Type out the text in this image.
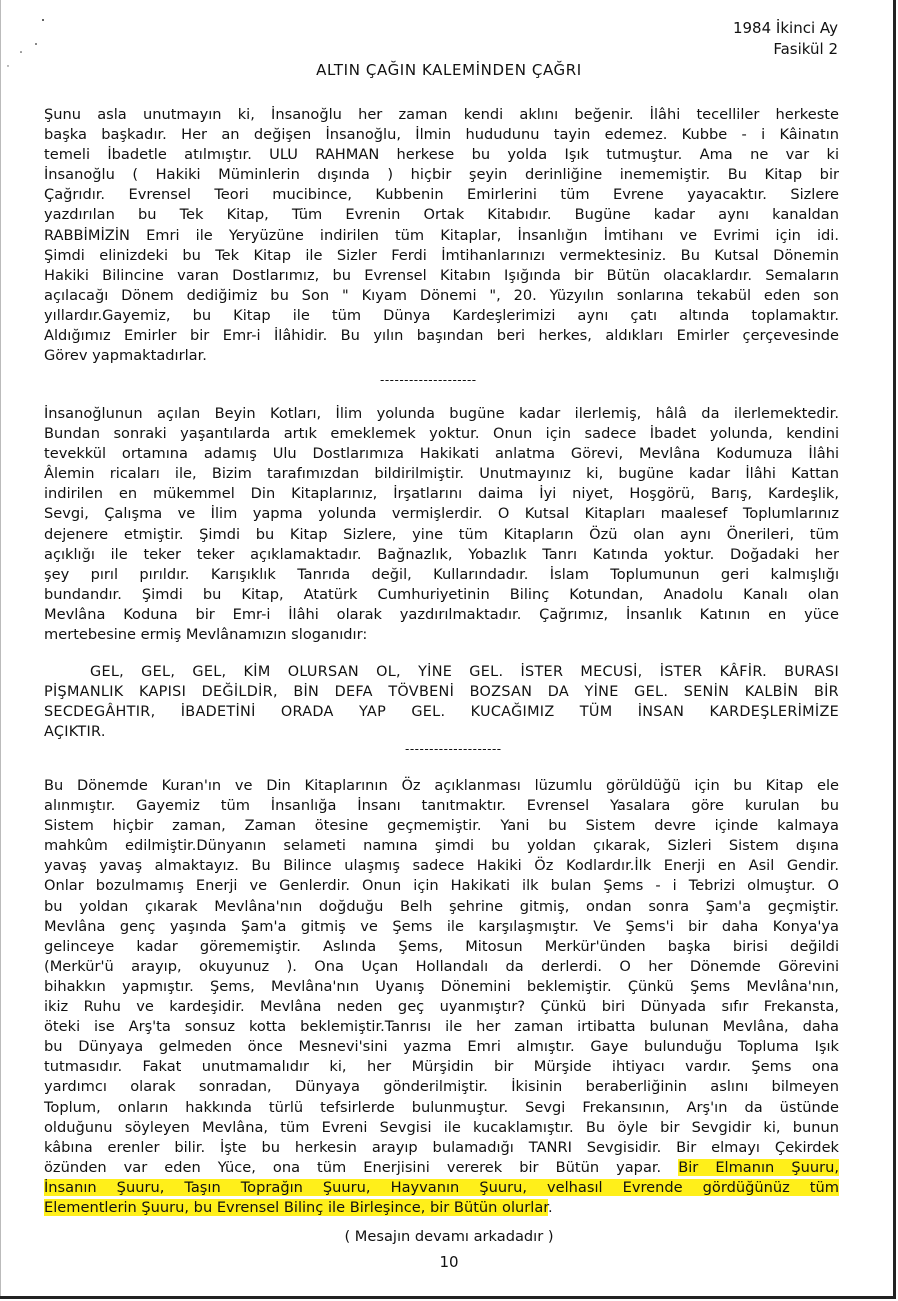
1984 İkinci Ay
Fasikül 2
ALTIN ÇAĞIN KALEMİNDEN ÇAĞRI
Şunu asla unutmayın ki, İnsanoğlu her zaman kendi aklını beğenir. İlâhi tecelliler herkeste
başka başkadır. Her an değişen İnsanoğlu, İlmin hududunu tayin edemez. Kubbe - i Kâinatın
temeli İbadetle atılmıştır. ULU RAHMAN herkese bu yolda Işık tutmuştur. Ama ne var ki
İnsanoğlu ( Hakiki Müminlerin dışında ) hiçbir şeyin derinliğine inememiştir. Bu Kitap bir
Çağrıdır. Evrensel Teori mucibince, Kubbenin Emirlerini tüm Evrene yayacaktır. Sizlere
yazdırılan bu Tek Kitap, Tüm Evrenin Ortak Kitabıdır. Bugüne kadar aynı kanaldan
RABBİMİZİN Emri ile Yeryüzüne indirilen tüm Kitaplar, İnsanlığın İmtihanı ve Evrimi için idi.
Şimdi elinizdeki bu Tek Kitap ile Sizler Ferdi İmtihanlarınızı vermektesiniz. Bu Kutsal Dönemin
Hakiki Bilincine varan Dostlarımız, bu Evrensel Kitabın Işığında bir Bütün olacaklardır. Semaların
açılacağı Dönem dediğimiz bu Son " Kıyam Dönemi ", 20. Yüzyılın sonlarına tekabül eden son
yıllardır.Gayemiz, bu Kitap ile tüm Dünya Kardeşlerimizi aynı çatı altında toplamaktır.
Aldığımız Emirler bir Emr-i İlâhidir. Bu yılın başından beri herkes, aldıkları Emirler çerçevesinde
Görev yapmaktadırlar.
--------------------
İnsanoğlunun açılan Beyin Kotları, İlim yolunda bugüne kadar ilerlemiş, hâlâ da ilerlemektedir.
Bundan sonraki yaşantılarda artık emeklemek yoktur. Onun için sadece İbadet yolunda, kendini
tevekkül ortamına adamış Ulu Dostlarımıza Hakikati anlatma Görevi, Mevlâna Kodumuza İlâhi
Âlemin ricaları ile, Bizim tarafımızdan bildirilmiştir. Unutmayınız ki, bugüne kadar İlâhi Kattan
indirilen en mükemmel Din Kitaplarınız, İrşatlarını daima İyi niyet, Hoşgörü, Barış, Kardeşlik,
Sevgi, Çalışma ve İlim yapma yolunda vermişlerdir. O Kutsal Kitapları maalesef Toplumlarınız
dejenere etmiştir. Şimdi bu Kitap Sizlere, yine tüm Kitapların Özü olan aynı Önerileri, tüm
açıklığı ile teker teker açıklamaktadır. Bağnazlık, Yobazlık Tanrı Katında yoktur. Doğadaki her
şey pırıl pırıldır. Karışıklık Tanrıda değil, Kullarındadır. İslam Toplumunun geri kalmışlığı
bundandır. Şimdi bu Kitap, Atatürk Cumhuriyetinin Bilinç Kotundan, Anadolu Kanalı olan
Mevlâna Koduna bir Emr-i İlâhi olarak yazdırılmaktadır. Çağrımız, İnsanlık Katının en yüce
mertebesine ermiş Mevlânamızın sloganıdır:
GEL, GEL, GEL, KİM OLURSAN OL, YİNE GEL. İSTER MECUSİ, İSTER KÂFİR. BURASI
PİŞMANLIK KAPISI DEĞİLDİR, BİN DEFA TÖVBENİ BOZSAN DA YİNE GEL. SENİN KALBİN BİR
SECDEGÂHTIR, İBADETİNİ ORADA YAP GEL. KUCAĞIMIZ TÜM İNSAN KARDEŞLERİMİZE
AÇIKTIR.
--------------------
Bu Dönemde Kuran'ın ve Din Kitaplarının Öz açıklanması lüzumlu görüldüğü için bu Kitap ele
alınmıştır. Gayemiz tüm İnsanlığa İnsanı tanıtmaktır. Evrensel Yasalara göre kurulan bu
Sistem hiçbir zaman, Zaman ötesine geçmemiştir. Yani bu Sistem devre içinde kalmaya
mahkûm edilmiştir.Dünyanın selameti namına şimdi bu yoldan çıkarak, Sizleri Sistem dışına
yavaş yavaş almaktayız. Bu Bilince ulaşmış sadece Hakiki Öz Kodlardır.İlk Enerji en Asil Gendir.
Onlar bozulmamış Enerji ve Genlerdir. Onun için Hakikati ilk bulan Şems - i Tebrizi olmuştur. O
bu yoldan çıkarak Mevlâna'nın doğduğu Belh şehrine gitmiş, ondan sonra Şam'a geçmiştir.
Mevlâna genç yaşında Şam'a gitmiş ve Şems ile karşılaşmıştır. Ve Şems'i bir daha Konya'ya
gelinceye kadar görememiştir. Aslında Şems, Mitosun Merkür'ünden başka birisi değildi
(Merkür'ü arayıp, okuyunuz ). Ona Uçan Hollandalı da derlerdi. O her Dönemde Görevini
bihakkın yapmıştır. Şems, Mevlâna'nın Uyanış Dönemini beklemiştir. Çünkü Şems Mevlâna'nın,
ikiz Ruhu ve kardeşidir. Mevlâna neden geç uyanmıştır? Çünkü biri Dünyada sıfır Frekansta,
öteki ise Arş'ta sonsuz kotta beklemiştir.Tanrısı ile her zaman irtibatta bulunan Mevlâna, daha
bu Dünyaya gelmeden önce Mesnevi'sini yazma Emri almıştır. Gaye bulunduğu Topluma Işık
tutmasıdır. Fakat unutmamalıdır ki, her Mürşidin bir Mürşide ihtiyacı vardır. Şems ona
yardımcı olarak sonradan, Dünyaya gönderilmiştir. İkisinin beraberliğinin aslını bilmeyen
Toplum, onların hakkında türlü tefsirlerde bulunmuştur. Sevgi Frekansının, Arş'ın da üstünde
olduğunu söyleyen Mevlâna, tüm Evreni Sevgisi ile kucaklamıştır. Bu öyle bir Sevgidir ki, bunun
kâbına erenler bilir. İşte bu herkesin arayıp bulamadığı TANRI Sevgisidir. Bir elmayı Çekirdek
özünden var eden Yüce, ona tüm Enerjisini vererek bir Bütün yapar. Bir Elmanın Şuuru,
İnsanın Şuuru, Taşın Toprağın Şuuru, Hayvanın Şuuru, velhasıl Evrende gördüğünüz tüm
Elementlerin Şuuru, bu Evrensel Bilinç ile Birleşince, bir Bütün olurlar.
( Mesajın devamı arkadadır )
10
